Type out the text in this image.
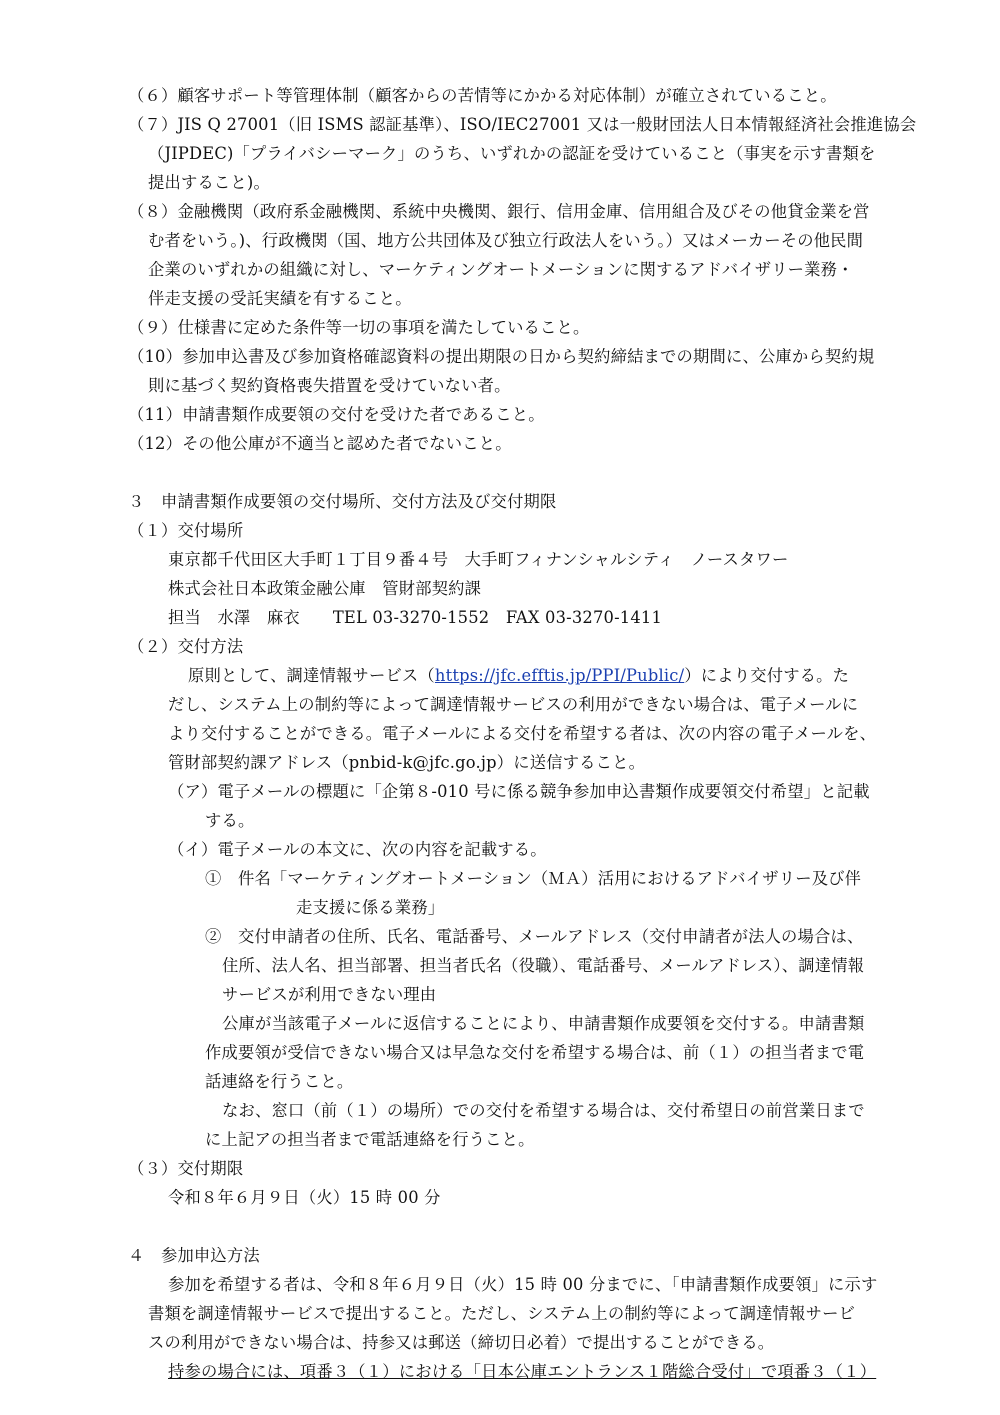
（６）顧客サポート等管理体制（顧客からの苦情等にかかる対応体制）が確立されていること。
（７）JIS Q 27001（旧 ISMS 認証基準）、ISO/IEC27001 又は一般財団法人日本情報経済社会推進協会
（JIPDEC)「プライバシーマーク」のうち、いずれかの認証を受けていること（事実を示す書類を
提出すること)。
（８）金融機関（政府系金融機関、系統中央機関、銀行、信用金庫、信用組合及びその他貸金業を営
む者をいう。)、行政機関（国、地方公共団体及び独立行政法人をいう。）又はメーカーその他民間
企業のいずれかの組織に対し、マーケティングオートメーションに関するアドバイザリー業務・
伴走支援の受託実績を有すること。
（９）仕様書に定めた条件等一切の事項を満たしていること。
（10）参加申込書及び参加資格確認資料の提出期限の日から契約締結までの期間に、公庫から契約規
則に基づく契約資格喪失措置を受けていない者。
（11）申請書類作成要領の交付を受けた者であること。
（12）その他公庫が不適当と認めた者でないこと。
３　申請書類作成要領の交付場所、交付方法及び交付期限
（１）交付場所
東京都千代田区大手町１丁目９番４号　大手町フィナンシャルシティ　ノースタワー
株式会社日本政策金融公庫　管財部契約課
担当　水澤　麻衣　　TEL 03-3270-1552　FAX 03-3270-1411
（２）交付方法
原則として、調達情報サービス（https://jfc.efftis.jp/PPI/Public/）により交付する。た
だし、システム上の制約等によって調達情報サービスの利用ができない場合は、電子メールに
より交付することができる。電子メールによる交付を希望する者は、次の内容の電子メールを、
管財部契約課アドレス（pnbid-k@jfc.go.jp）に送信すること。
（ア）電子メールの標題に「企第８-010 号に係る競争参加申込書類作成要領交付希望」と記載
する。
（イ）電子メールの本文に、次の内容を記載する。
①　件名「マーケティングオートメーション（ＭＡ）活用におけるアドバイザリー及び伴
走支援に係る業務」
②　交付申請者の住所、氏名、電話番号、メールアドレス（交付申請者が法人の場合は、
住所、法人名、担当部署、担当者氏名（役職）、電話番号、メールアドレス）、調達情報
サービスが利用できない理由
公庫が当該電子メールに返信することにより、申請書類作成要領を交付する。申請書類
作成要領が受信できない場合又は早急な交付を希望する場合は、前（１）の担当者まで電
話連絡を行うこと。
なお、窓口（前（１）の場所）での交付を希望する場合は、交付希望日の前営業日まで
に上記アの担当者まで電話連絡を行うこと。
（３）交付期限
令和８年６月９日（火）15 時 00 分
４　参加申込方法
参加を希望する者は、令和８年６月９日（火）15 時 00 分までに、「申請書類作成要領」に示す
書類を調達情報サービスで提出すること。ただし、システム上の制約等によって調達情報サービ
スの利用ができない場合は、持参又は郵送（締切日必着）で提出することができる。
持参の場合には、項番３（１）における「日本公庫エントランス１階総合受付」で項番３（１）
